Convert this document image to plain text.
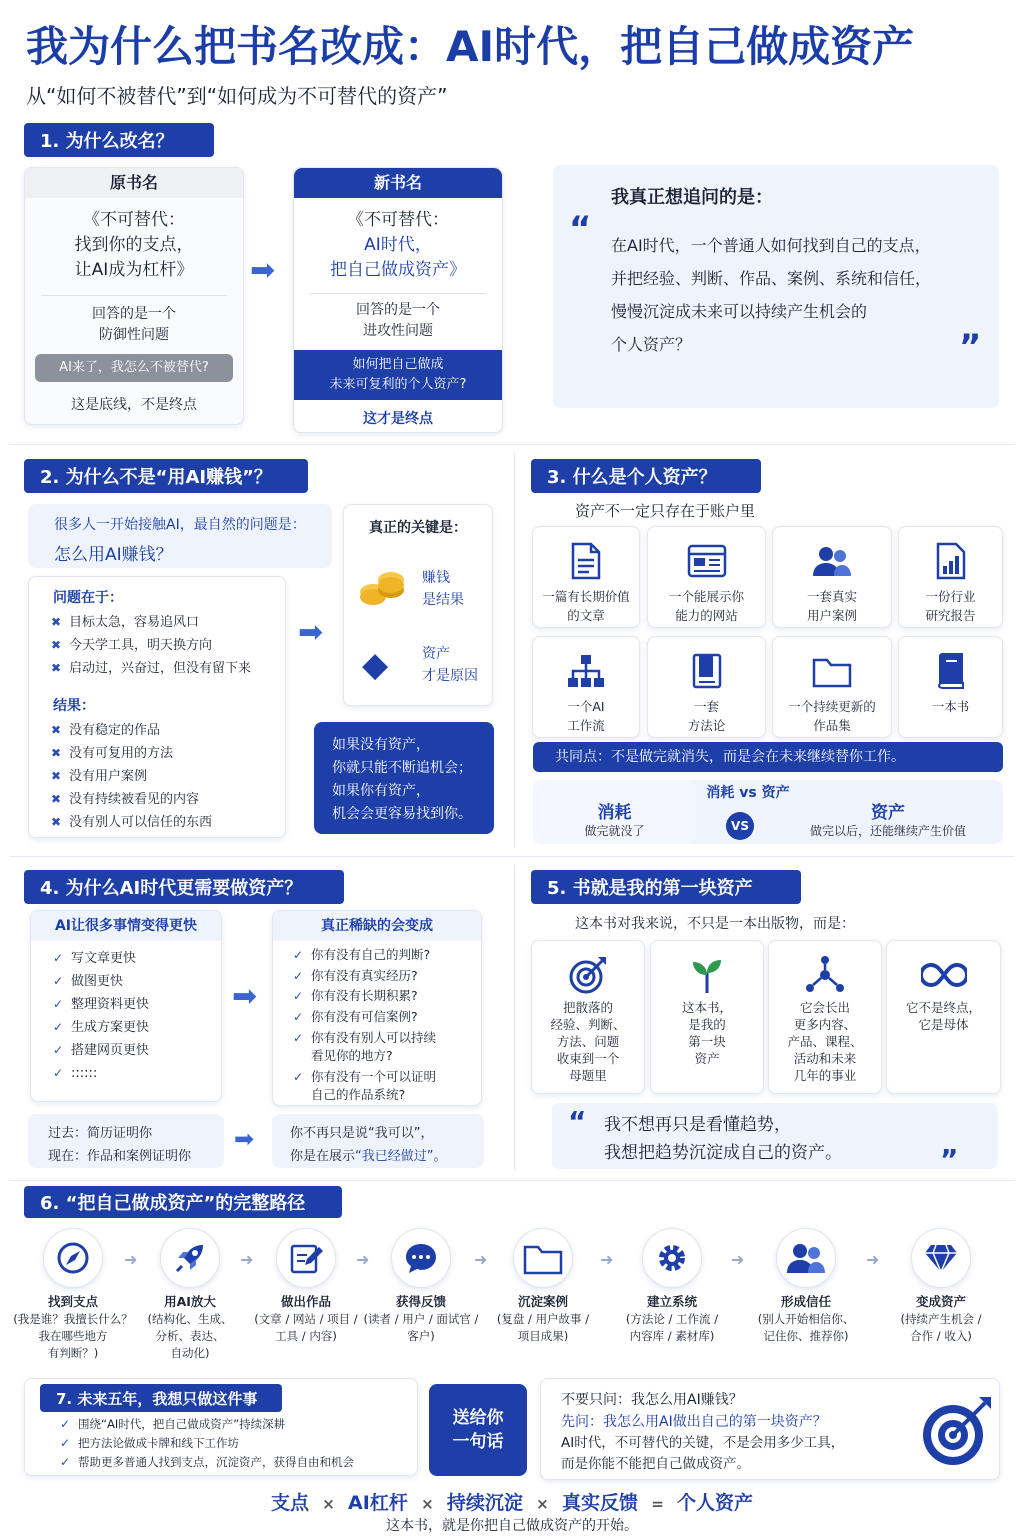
我为什么把书名改成：AI时代，把自己做成资产
从“如何不被替代”到“如何成为不可替代的资产”
1. 为什么改名？
原书名
《不可替代：
找到你的支点，
让AI成为杠杆》
回答的是一个
防御性问题
AI来了，我怎么不被替代?
这是底线，不是终点
➡
新书名
《不可替代：
AI时代，
把自己做成资产》
回答的是一个
进攻性问题
如何把自己做成
未来可复利的个人资产?
这才是终点
“
我真正想追问的是：
在AI时代，一个普通人如何找到自己的支点，
并把经验、判断、作品、案例、系统和信任，
慢慢沉淀成未来可以持续产生机会的
个人资产？	”
2. 为什么不是“用AI赚钱”？
很多人一开始接触AI，最自然的问题是：
怎么用AI赚钱？
问题在于：
✖ 目标太急，容易追风口
✖ 今天学工具，明天换方向
✖ 启动过，兴奋过，但没有留下来
结果：
✖ 没有稳定的作品
✖ 没有可复用的方法
✖ 没有用户案例
✖ 没有持续被看见的内容
✖ 没有别人可以信任的东西
➡
真正的关键是：
赚钱
是结果
◆ 资产
才是原因
如果没有资产，
你就只能不断追机会；
如果你有资产，
机会会更容易找到你。
3. 什么是个人资产？
资产不一定只存在于账户里
一篇有长期价值
的文章
一个能展示你
能力的网站
一套真实
用户案例
一份行业
研究报告
一个AI
工作流
一套
方法论
一个持续更新的
作品集
一本书
共同点：不是做完就消失，而是会在未来继续替你工作。
消耗
做完就没了
消耗 vs 资产
VS
资产
做完以后，还能继续产生价值
4. 为什么AI时代更需要做资产？
AI让很多事情变得更快
✓ 写文章更快
✓ 做图更快
✓ 整理资料更快
✓ 生成方案更快
✓ 搭建网页更快
✓ ::::::
➡
真正稀缺的会变成
✓ 你有没有自己的判断?
✓ 你有没有真实经历?
✓ 你有没有长期积累?
✓ 你有没有可信案例?
✓ 你有没有别人可以持续
看见你的地方?
✓ 你有没有一个可以证明
自己的作品系统?
过去：简历证明你
现在：作品和案例证明你
➡	你不再只是说“我可以”，
你是在展示“我已经做过”。
5. 书就是我的第一块资产
这本书对我来说，不只是一本出版物，而是：
把散落的
经验、判断、
方法、问题
收束到一个
母题里
这本书，
是我的
第一块
资产
它会长出
更多内容、
产品、课程、
活动和未来
几年的事业
它不是终点，
它是母体
“ 我不想再只是看懂趋势，
我想把趋势沉淀成自己的资产。	”
6. “把自己做成资产”的完整路径
找到支点
(我是谁？我擅长什么？
我在哪些地方
有判断？)
➜
用AI放大
(结构化、生成、
分析、表达、
自动化)
➜
做出作品
(文章 / 网站 / 项目 /
工具 / 内容)
➜
获得反馈
(读者 / 用户 / 面试官 /
客户)
➜
沉淀案例
(复盘 / 用户故事 /
项目成果)
➜
建立系统
(方法论 / 工作流 /
内容库 / 素材库)
➜
形成信任
(别人开始相信你、
记住你、推荐你)
➜
变成资产
(持续产生机会 /
合作 / 收入)
7. 未来五年，我想只做这件事
✓ 围绕“AI时代，把自己做成资产”持续深耕
✓ 把方法论做成卡牌和线下工作坊
✓ 帮助更多普通人找到支点，沉淀资产，获得自由和机会
送给你
一句话
不要只问：我怎么用AI赚钱？
先问：我怎么用AI做出自己的第一块资产？
AI时代，不可替代的关键，不是会用多少工具，
而是你能不能把自己做成资产。
支点 × AI杠杆 × 持续沉淀 × 真实反馈 = 个人资产
这本书，就是你把自己做成资产的开始。
